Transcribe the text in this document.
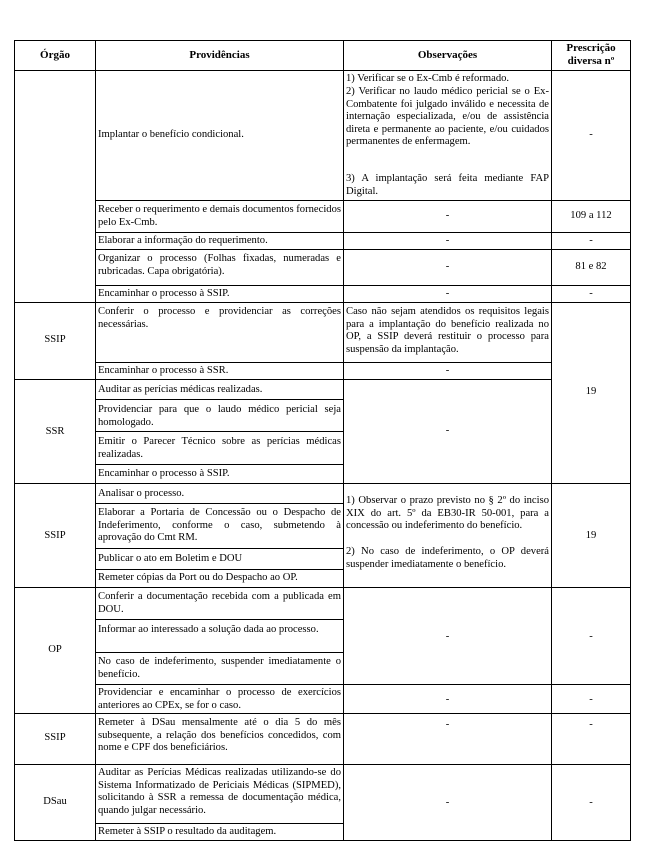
Órgão	Providências	Observações
Prescrição diversa nº
SSIP
SSR
SSIP
OP
SSIP
DSau
Implantar o benefício condicional.
Receber o requerimento e demais documentos fornecidos pelo Ex-Cmb.
Elaborar a informação do requerimento.
Organizar o processo (Folhas fixadas, numeradas e rubricadas. Capa obrigatória).
Encaminhar o processo à SSIP.
Conferir o processo e providenciar as correções necessárias.
Encaminhar o processo à SSR.
Auditar as perícias médicas realizadas.
Providenciar para que o laudo médico pericial seja homologado.
Emitir o Parecer Técnico sobre as perícias médicas realizadas.
Encaminhar o processo à SSIP.
Analisar o processo.
Elaborar a Portaria de Concessão ou o Despacho de Indeferimento, conforme o caso, submetendo à aprovação do Cmt RM.
Publicar o ato em Boletim e DOU
Remeter cópias da Port ou do Despacho ao OP.
Conferir a documentação recebida com a publicada em DOU.
Informar ao interessado a solução dada ao processo.
No caso de indeferimento, suspender imediatamente o benefício.
Providenciar e encaminhar o processo de exercícios anteriores ao CPEx, se for o caso.
Remeter à DSau mensalmente até o dia 5 do mês subsequente, a relação dos benefícios concedidos, com nome e CPF dos beneficiários.
Auditar as Perícias Médicas realizadas utilizando-se do Sistema Informatizado de Periciais Médicas (SIPMED), solicitando à SSR a remessa de documentação médica, quando julgar necessário.
Remeter à SSIP o resultado da auditagem.
1) Verificar se o Ex-Cmb é reformado.
2) Verificar no laudo médico pericial se o Ex-Combatente foi julgado inválido e necessita de internação especializada, e/ou de assistência direta e permanente ao paciente, e/ou cuidados permanentes de enfermagem.
3) A implantação será feita mediante FAP Digital.
-
-
-
-
Caso não sejam atendidos os requisitos legais para a implantação do benefício realizada no OP, a SSIP deverá restituir o processo para suspensão da implantação.
-
-
1) Observar o prazo previsto no § 2º do inciso XIX do art. 5º da EB30-IR 50-001, para a concessão ou indeferimento do benefício.
2) No caso de indeferimento, o OP deverá suspender imediatamente o benefício.
-
-
-
-
-
109 a 112
-
81 e 82
-
19
19
-
-
-
-
